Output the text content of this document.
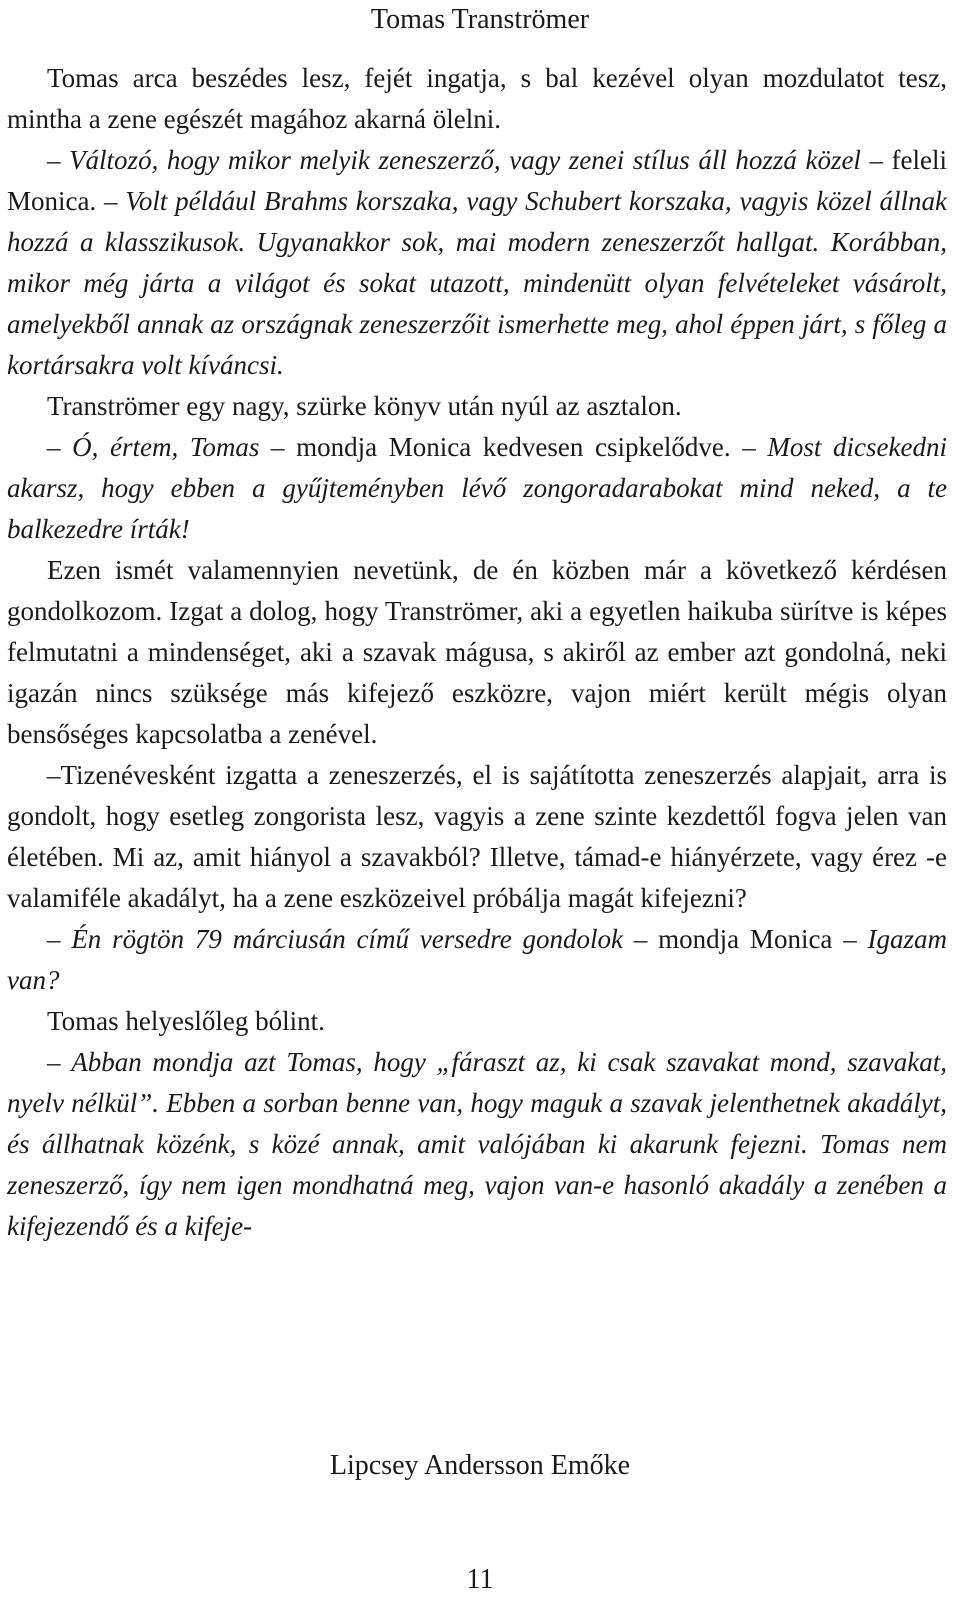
Tomas Tranströmer

Tomas arca beszédes lesz, fejét ingatja, s bal kezével olyan mozdulatot tesz, mintha a zene egészét magához akarná ölelni.

– Változó, hogy mikor melyik zeneszerző, vagy zenei stílus áll hozzá közel – feleli Monica. – Volt például Brahms korszaka, vagy Schubert korszaka, vagyis közel állnak hozzá a klasszikusok. Ugyanakkor sok, mai modern zeneszerzőt hallgat. Korábban, mikor még járta a világot és sokat utazott, mindenütt olyan felvételeket vásárolt, amelyekből annak az országnak zeneszerzőit ismerhette meg, ahol éppen járt, s főleg a kortársakra volt kíváncsi.

Tranströmer egy nagy, szürke könyv után nyúl az asztalon.

– Ó, értem, Tomas – mondja Monica kedvesen csipkelődve. – Most dicsekedni akarsz, hogy ebben a gyűjteményben lévő zongoradarabokat mind neked, a te balkezedre írták!

Ezen ismét valamennyien nevetünk, de én közben már a következő kérdésen gondolkozom. Izgat a dolog, hogy Tranströmer, aki a egyetlen haikuba sürítve is képes felmutatni a mindenséget, aki a szavak mágusa, s akiről az ember azt gondolná, neki igazán nincs szüksége más kifejező eszközre, vajon miért került mégis olyan bensőséges kapcsolatba a zenével.

–Tizenévesként izgatta a zeneszerzés, el is sajátította zeneszerzés alapjait, arra is gondolt, hogy esetleg zongorista lesz, vagyis a zene szinte kezdettől fogva jelen van életében. Mi az, amit hiányol a szavakból? Illetve, támad-e hiányérzete, vagy érez -e valamiféle akadályt, ha a zene eszközeivel próbálja magát kifejezni?

– Én rögtön 79 márciusán című versedre gondolok – mondja Monica – Igazam van?

Tomas helyeslőleg bólint.

– Abban mondja azt Tomas, hogy „fáraszt az, ki csak szavakat mond, szavakat, nyelv nélkül”. Ebben a sorban benne van, hogy maguk a szavak jelenthetnek akadályt, és állhatnak közénk, s közé annak, amit valójában ki akarunk fejezni. Tomas nem zeneszerző, így nem igen mondhatná meg, vajon van-e hasonló akadály a zenében a kifejezendő és a kifeje-

Lipcsey Andersson Emőke
11
